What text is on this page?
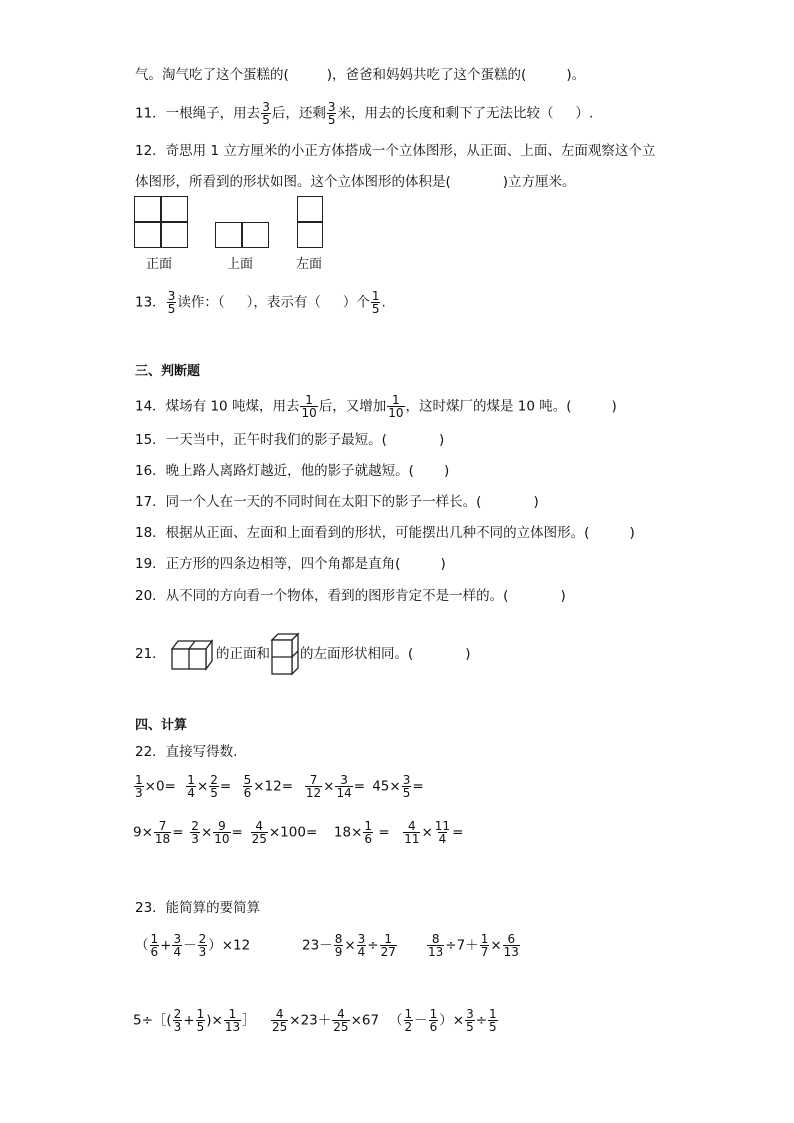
气。淘气吃了这个蛋糕的(	)，爸爸和妈妈共吃了这个蛋糕的(	)。
11．一根绳子，用去 $\frac{3}{5}$ 后，还剩 $\frac{3}{5}$ 米，用去的长度和剩下了无法比较（ ）.
12．奇思用 1 立方厘米的小正方体搭成一个立体图形，从正面、上面、左面观察这个立
体图形，所看到的形状如图。这个立体图形的体积是(	)立方厘米。
正面	上面	左面
13． $\frac{3}{5}$ 读作：（ ），表示有（ ）个 $\frac{1}{5}$ .
三、判断题
14．煤场有 10 吨煤，用去 $\frac{1}{10}$ 后，又增加 $\frac{1}{10}$ ，这时煤厂的煤是 10 吨。(	)
15．一天当中，正午时我们的影子最短。(	)
16．晚上路人离路灯越近，他的影子就越短。( )
17．同一个人在一天的不同时间在太阳下的影子一样长。(	)
18．根据从正面、左面和上面看到的形状，可能摆出几种不同的立体图形。(	)
19．正方形的四条边相等，四个角都是直角(	)
20．从不同的方向看一个物体，看到的图形肯定不是一样的。(	)
21．	的正面和 的左面形状相同。(	)
四、计算
22．直接写得数.
$\frac{1}{3} \times 0= \frac{1}{4} \times \frac{2}{5} = \frac{5}{6} \times 12= \frac{7}{12} \times \frac{3}{14} = 45\times \frac{3}{5}$ =
$9\times \frac{7}{18} = \frac{2}{3} \times \frac{9}{10} = \frac{4}{25} \times 100= 18\times \frac{1}{6} = \frac{4}{11} \times \frac{11}{4}$ =
23．能简算的要简算
（ $\frac{1}{6} + \frac{3}{4} - \frac{2}{3} )\times 12$	$23- \frac{8}{9} \times \frac{3}{4} \div \frac{1}{27}$	$\frac{8}{13} \div 7+ \frac{1}{7} \times \frac{6}{13}$
5÷［( $\frac{2}{3} + \frac{1}{5}$ )× $\frac{1}{13}$ ］ $\frac{4}{25} \times 23+ \frac{4}{25} \times 67$ （ $\frac{1}{2} - \frac{1}{6}$ ）× $\frac{3}{5} \div \frac{1}{5}$
